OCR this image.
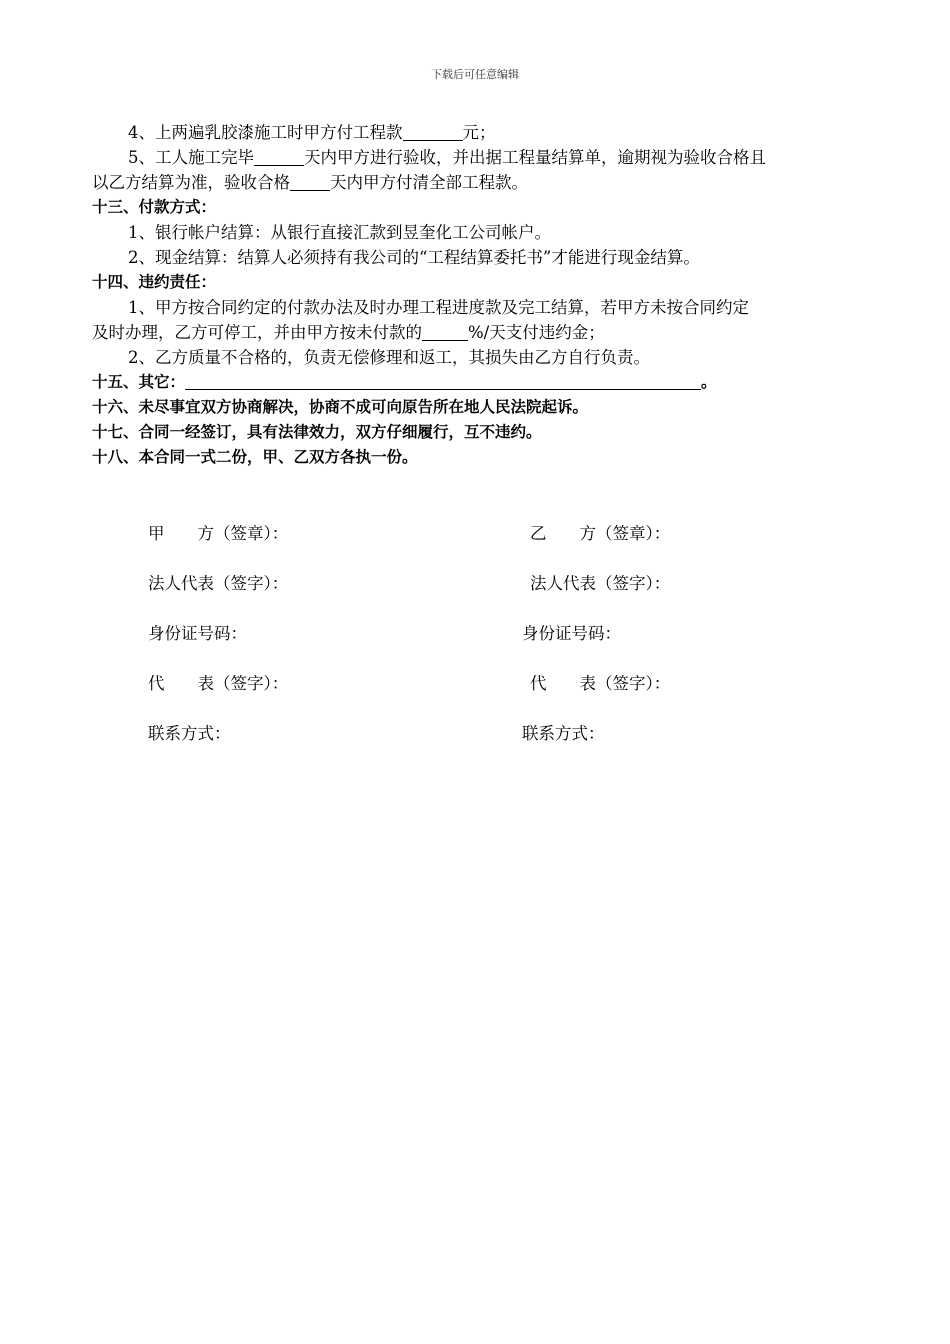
下载后可任意编辑
4、上两遍乳胶漆施工时甲方付工程款	元；
5、工人施工完毕	天内甲方进行验收，并出据工程量结算单，逾期视为验收合格且
以乙方结算为准，验收合格 天内甲方付清全部工程款。
十三、付款方式：
1、银行帐户结算：从银行直接汇款到昱奎化工公司帐户。
2、现金结算：结算人必须持有我公司的“工程结算委托书”才能进行现金结算。
十四、违约责任：
1、甲方按合同约定的付款办法及时办理工程进度款及完工结算，若甲方未按合同约定
及时办理，乙方可停工，并由甲方按未付款的	%/天支付违约金；
2、乙方质量不合格的，负责无偿修理和返工，其损失由乙方自行负责。
十五、其它：	。
十六、未尽事宜双方协商解决，协商不成可向原告所在地人民法院起诉。
十七、合同一经签订，具有法律效力，双方仔细履行，互不违约。
十八、本合同一式二份，甲、乙双方各执一份。
甲　　方（签章）：	乙　　方（签章）：
法人代表（签字）：	法人代表（签字）：
身份证号码：	身份证号码：
代　　表（签字）：	代　　表（签字）：
联系方式：	联系方式：
